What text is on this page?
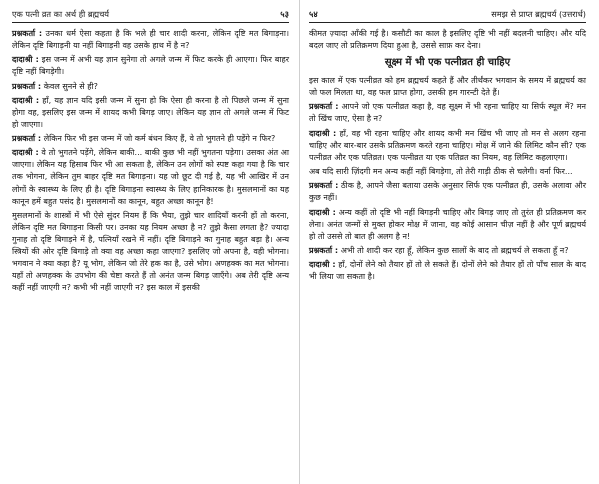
एक पत्नी व्रत का अर्थ ही ब्रह्मचर्य	५३

प्रश्नकर्ता : उनका धर्म ऐसा कहता है कि भले ही चार शादी करना, लेकिन दृष्टि मत बिगाड़ना। लेकिन दृष्टि बिगाड़नी या नहीं बिगाड़नी वह उसके हाथ में है न?

दादाश्री : इस जन्म में अभी यह ज्ञान सुनेगा तो अगले जन्म में फिट करके ही आएगा। फिर बाहर दृष्टि नहीं बिगड़ेगी।

प्रश्नकर्ता : केवल सुनने से ही?

दादाश्री : हाँ, यह ज्ञान यदि इसी जन्म में सुना हो कि ऐसा ही करना है तो पिछले जन्म में सुना होगा वह, इसलिए इस जन्म में शायद कभी बिगड़ जाए। लेकिन यह ज्ञान तो अगले जन्म में फिट हो जाएगा।

प्रश्नकर्ता : लेकिन फिर भी इस जन्म में जो कर्म बंधन किए हैं, वे तो भुगतने ही पड़ेंगे न फिर?

दादाश्री : वे तो भुगतने पड़ेंगे, लेकिन बाकी... बाकी कुछ भी नहीं भुगतना पड़ेगा। उसका अंत आ जाएगा। लेकिन यह हिसाब फिर भी आ सकता है, लेकिन उन लोगों को स्पष्ट कहा गया है कि चार तक भोगना, लेकिन तुम बाहर दृष्टि मत बिगाड़ना। यह जो छूट दी गई है, यह भी आखिर में उन लोगों के स्वास्थ्य के लिए ही है। दृष्टि बिगाड़ना स्वास्थ्य के लिए हानिकारक है। मुसलमानों का यह कानून हमें बहुत पसंद है। मुसलमानों का कानून, बहुत अच्छा कानून है!

मुसलमानों के शास्त्रों में भी ऐसे सुंदर नियम हैं कि भैया, तुझे चार शादियाँ करनी हों तो करना, लेकिन दृष्टि मत बिगाड़ना किसी पर। उनका यह नियम अच्छा है न? तुझे कैसा लगता है? ज्यादा गुनाह तो दृष्टि बिगाड़ने में है, पत्नियाँ रखने में नहीं। दृष्टि बिगाड़ने का गुनाह बहुत बड़ा है। अन्य स्त्रियों की ओर दृष्टि बिगाड़े तो क्या वह अच्छा कहा जाएगा? इसलिए जो अपना है, वही भोगना। भगवान ने क्या कहा है? यू भोग, लेकिन जो तेरे हक का है, उसे भोग। अणहक्क का मत भोगना। यहाँ तो अणहक्क के उपभोग की चेष्टा करते हैं तो अनंत जन्म बिगड़ जाएँगे। अब तेरी दृष्टि अन्य कहीं नहीं जाएगी न? कभी भी नहीं जाएगी न? इस काल में इसकी

५४	समझ से प्राप्त ब्रह्मचर्य (उत्तरार्ध)

कीमत ज़्यादा आँकी गई है। कसौटी का काल है इसलिए दृष्टि भी नहीं बदलनी चाहिए। और यदि बदल जाए तो प्रतिक्रमण दिया हुआ है, उससे साफ़ कर देना।

सूक्ष्म में भी एक पत्नीव्रत ही चाहिए

इस काल में एक पत्नीव्रत को हम ब्रह्मचर्य कहते हैं और तीर्थंकर भगवान के समय में ब्रह्मचर्य का जो फल मिलता था, वह फल प्राप्त होगा, उसकी हम गारन्टी देते हैं।

प्रश्नकर्ता : आपने जो एक पत्नीव्रत कहा है, वह सूक्ष्म में भी रहना चाहिए या सिर्फ स्थूल में? मन तो खिंच जाए, ऐसा है न?

दादाश्री : हाँ, वह भी रहना चाहिए और शायद कभी मन खिंच भी जाए तो मन से अलग रहना चाहिए और बार-बार उसके प्रतिक्रमण करते रहना चाहिए। मोक्ष में जाने की लिमिट कौन सी? एक पत्नीव्रत और एक पतिव्रत। एक पत्नीव्रत या एक पतिव्रत का नियम, वह लिमिट कहलाएगा।

अब यदि सारी ज़िंदगी मन अन्य कहीं नहीं बिगड़ेगा, तो तेरी गाड़ी ठीक से चलेगी। वर्ना फिर...

प्रश्नकर्ता : ठीक है, आपने जैसा बताया उसके अनुसार सिर्फ एक पत्नीव्रत ही, उसके अलावा और कुछ नहीं।

दादाश्री : अन्य कहीं तो दृष्टि भी नहीं बिगड़नी चाहिए और बिगड़ जाए तो तुरंत ही प्रतिक्रमण कर लेना। अनंत जन्मों से मुक्त होकर मोक्ष में जाना, वह कोई आसान चीज़ नहीं है और पूर्ण ब्रह्मचर्य हो तो उससे तो बात ही अलग है न!

प्रश्नकर्ता : अभी तो शादी कर रहा हूँ, लेकिन कुछ सालों के बाद तो ब्रह्मचर्य ले सकता हूँ न?

दादाश्री : हाँ, दोनों लेने को तैयार हों तो ले सकते हैं। दोनों लेने को तैयार हों तो पाँच साल के बाद भी लिया जा सकता है।
